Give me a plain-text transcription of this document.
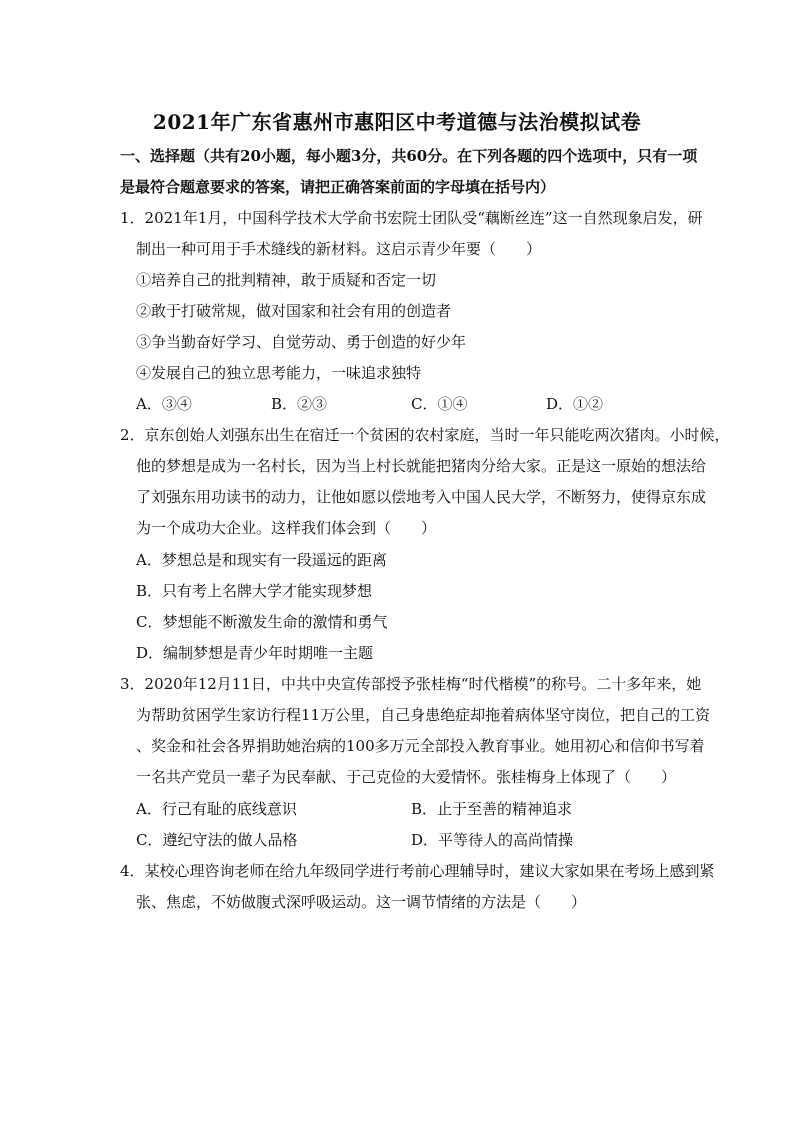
2021年广东省惠州市惠阳区中考道德与法治模拟试卷
一、选择题（共有20小题，每小题3分，共60分。在下列各题的四个选项中，只有一项
是最符合题意要求的答案，请把正确答案前面的字母填在括号内）
1．2021年1月，中国科学技术大学俞书宏院士团队受“藕断丝连”这一自然现象启发，研
制出一种可用于手术缝线的新材料。这启示青少年要（　　）
①培养自己的批判精神，敢于质疑和否定一切
②敢于打破常规，做对国家和社会有用的创造者
③争当勤奋好学习、自觉劳动、勇于创造的好少年
④发展自己的独立思考能力，一味追求独特
A．③④	B．②③	C．①④	D．①②
2．京东创始人刘强东出生在宿迁一个贫困的农村家庭，当时一年只能吃两次猪肉。小时候，
他的梦想是成为一名村长，因为当上村长就能把猪肉分给大家。正是这一原始的想法给
了刘强东用功读书的动力，让他如愿以偿地考入中国人民大学，不断努力，使得京东成
为一个成功大企业。这样我们体会到（　　）
A．梦想总是和现实有一段遥远的距离
B．只有考上名牌大学才能实现梦想
C．梦想能不断激发生命的激情和勇气
D．编制梦想是青少年时期唯一主题
3．2020年12月11日，中共中央宣传部授予张桂梅“时代楷模”的称号。二十多年来，她
为帮助贫困学生家访行程11万公里，自己身患绝症却拖着病体坚守岗位，把自己的工资
、奖金和社会各界捐助她治病的100多万元全部投入教育事业。她用初心和信仰书写着
一名共产党员一辈子为民奉献、于己克俭的大爱情怀。张桂梅身上体现了（　　）
A．行己有耻的底线意识	B．止于至善的精神追求
C．遵纪守法的做人品格	D．平等待人的高尚情操
4．某校心理咨询老师在给九年级同学进行考前心理辅导时，建议大家如果在考场上感到紧
张、焦虑，不妨做腹式深呼吸运动。这一调节情绪的方法是（　　）
